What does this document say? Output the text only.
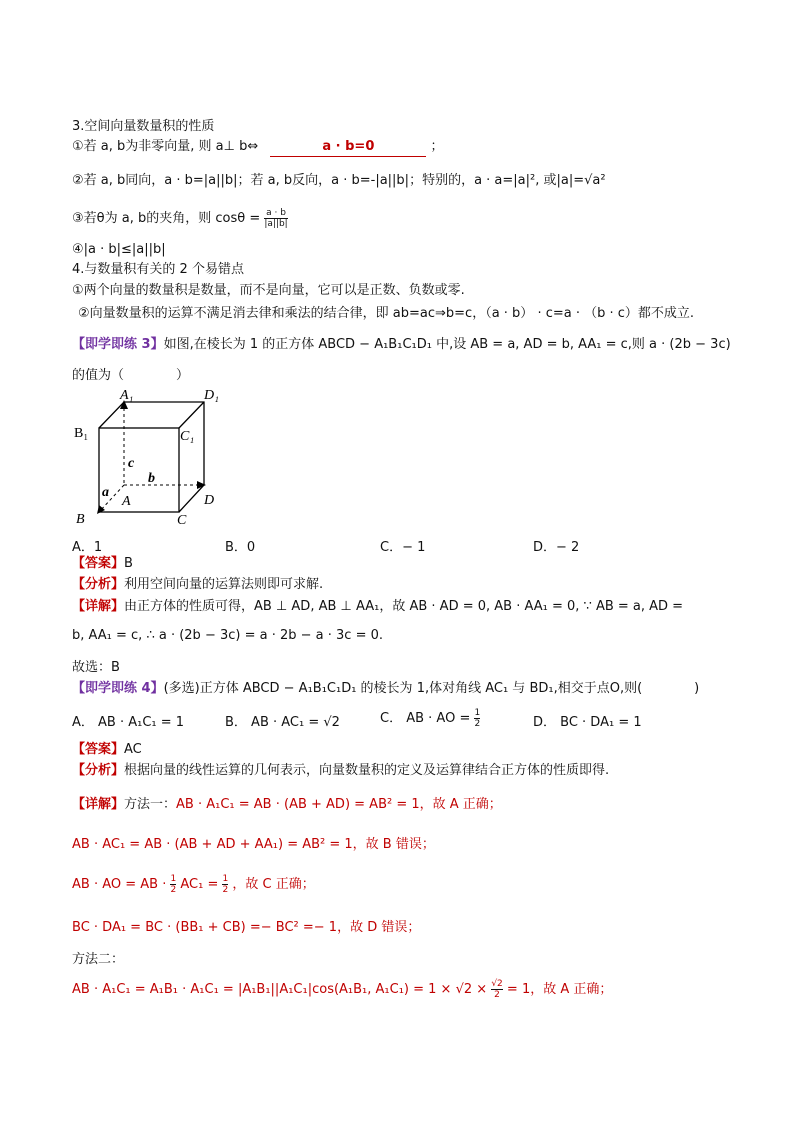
3.空间向量数量积的性质
①若 a, b为非零向量, 则 a⊥ b⇔	a · b=0	；
②若 a, b同向，a · b=|a||b|；若 a, b反向，a · b=-|a||b|；特别的，a · a=|a|², 或|a|=√a²
③若θ为 a, b的夹角，则 $\cos\theta = \frac{a \cdot b}{|a||b|}$
④|a · b|≤|a||b|
4.与数量积有关的 2 个易错点
①两个向量的数量积是数量，而不是向量，它可以是正数、负数或零.
②向量数量积的运算不满足消去律和乘法的结合律，即 ab=ac⇒b=c，（a · b） · c=a · （b · c）都不成立.
【即学即练 3】如图,在棱长为 1 的正方体 ABCD − A₁B₁C₁D₁ 中,设 AB = a, AD = b, AA₁ = c,则 a · (2b − 3c)
的值为（　　　　）
A₁	D₁
B₁	C₁
c
b
a
A
B	C
D
A．1	B．0	C．− 1	D．− 2
【答案】B
【分析】利用空间向量的运算法则即可求解.
【详解】由正方体的性质可得，AB ⊥ AD, AB ⊥ AA₁，故 AB · AD = 0, AB · AA₁ = 0, ∵ AB = a, AD =
b, AA₁ = c, ∴ a · (2b − 3c) = a · 2b − a · 3c = 0.
故选：B
【即学即练 4】(多选)正方体 ABCD − A₁B₁C₁D₁ 的棱长为 1,体对角线 AC₁ 与 BD₁,相交于点O,则(　　　　)
A． AB · A₁C₁ = 1	B． AB · AC₁ = √2	C． AB · AO = $\frac{1}{2}$	D． BC · DA₁ = 1
【答案】AC
【分析】根据向量的线性运算的几何表示，向量数量积的定义及运算律结合正方体的性质即得.
【详解】方法一：AB · A₁C₁ = AB · (AB + AD) = AB² = 1，故 A 正确；
AB · AC₁ = AB · (AB + AD + AA₁) = AB² = 1，故 B 错误；
AB · AO = AB · $\frac{1}{2} AC_1 = \frac{1}{2}$ ，故 C 正确；
BC · DA₁ = BC · (BB₁ + CB) =− BC² =− 1，故 D 错误；
方法二：
AB · A₁C₁ = A₁B₁ · A₁C₁ = |A₁B₁||A₁C₁|cos(A₁B₁, $A_1C_1) = 1 \times √2 \times \frac{√2}{2} = 1$，故 A 正确；
